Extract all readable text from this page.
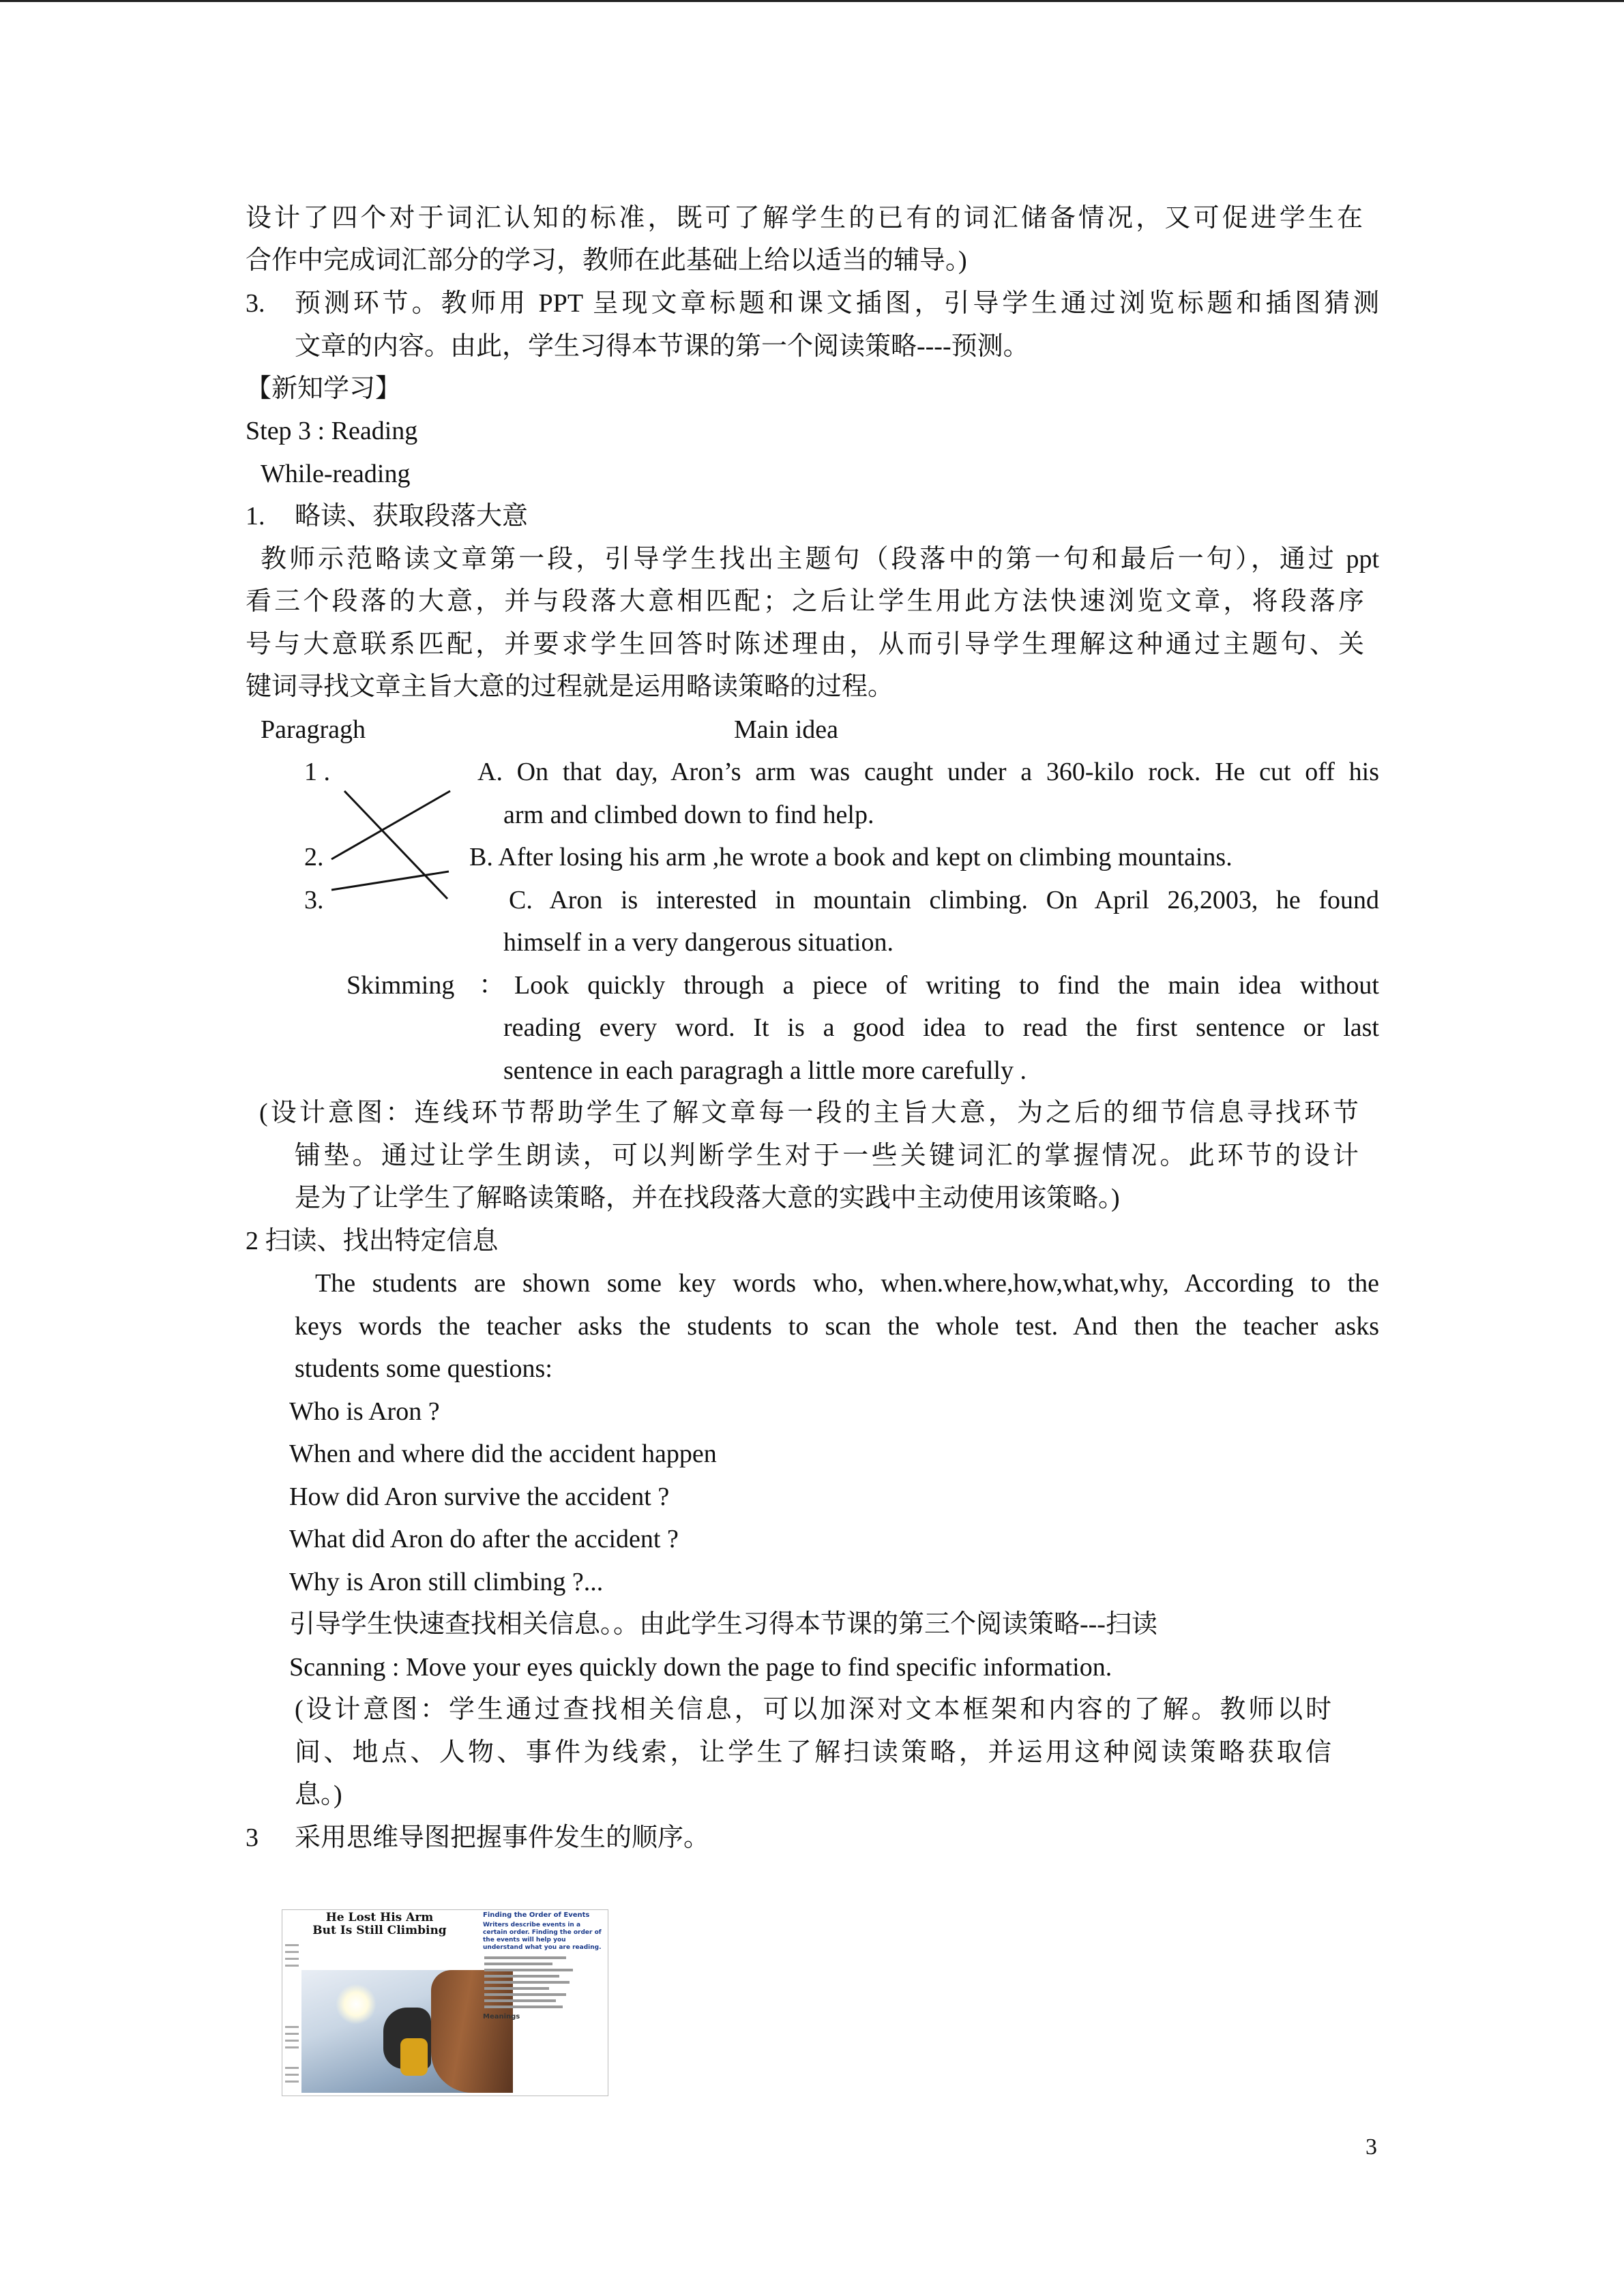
设计了四个对于词汇认知的标准，既可了解学生的已有的词汇储备情况，又可促进学生在
合作中完成词汇部分的学习，教师在此基础上给以适当的辅导。)
3. 预测环节。教师用 PPT 呈现文章标题和课文插图，引导学生通过浏览标题和插图猜测
文章的内容。由此，学生习得本节课的第一个阅读策略----预测。
【新知学习】
Step 3 : Reading
While-reading
1. 略读、获取段落大意
教师示范略读文章第一段，引导学生找出主题句（段落中的第一句和最后一句），通过 ppt
看三个段落的大意，并与段落大意相匹配；之后让学生用此方法快速浏览文章，将段落序
号与大意联系匹配，并要求学生回答时陈述理由，从而引导学生理解这种通过主题句、关
键词寻找文章主旨大意的过程就是运用略读策略的过程。
Paragragh	Main idea
1 .	A. On that day, Aron’s arm was caught under a 360-kilo rock. He cut off his
arm and climbed down to find help.
2.	B. After losing his arm ,he wrote a book and kept on climbing mountains.
3.	C. Aron is interested in mountain climbing. On April 26,2003, he found
himself in a very dangerous situation.
Skimming ： Look quickly through a piece of writing to find the main idea without
reading every word. It is a good idea to read the first sentence or last
sentence in each paragragh a little more carefully .
(设计意图：连线环节帮助学生了解文章每一段的主旨大意，为之后的细节信息寻找环节
铺垫。通过让学生朗读，可以判断学生对于一些关键词汇的掌握情况。此环节的设计
是为了让学生了解略读策略，并在找段落大意的实践中主动使用该策略。)
2 扫读、找出特定信息
The students are shown some key words who, when.where,how,what,why, According to the
keys words the teacher asks the students to scan the whole test. And then the teacher asks
students some questions:
Who is Aron ?
When and where did the accident happen
How did Aron survive the accident ?
What did Aron do after the accident ?
Why is Aron still climbing ?...
引导学生快速查找相关信息。。由此学生习得本节课的第三个阅读策略---扫读
Scanning : Move your eyes quickly down the page to find specific information.
(设计意图：学生通过查找相关信息，可以加深对文本框架和内容的了解。教师以时
间、地点、人物、事件为线索，让学生了解扫读策略，并运用这种阅读策略获取信
息。)
3 采用思维导图把握事件发生的顺序。
He Lost His Arm
But Is Still Climbing
Finding the Order of Events
Writers describe events in a certain order. Finding the order of the events will help you understand what you are reading.
Meanings
3
